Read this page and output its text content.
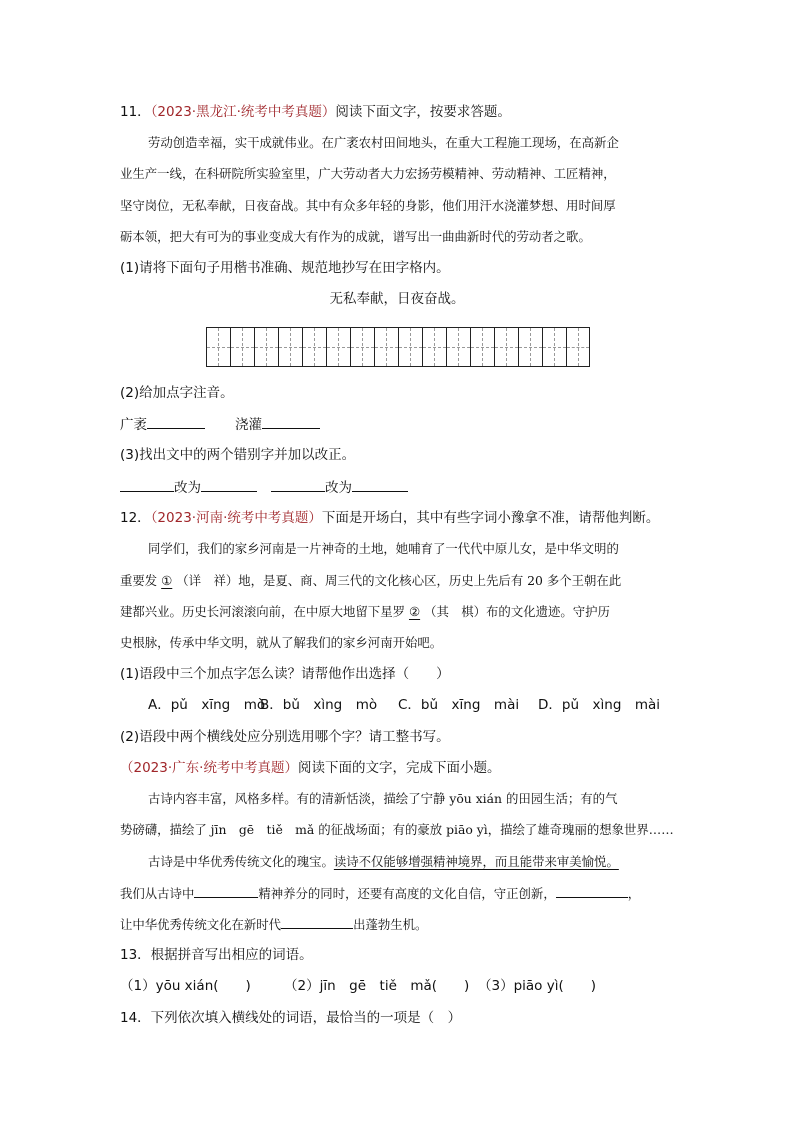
11．（2023·黑龙江·统考中考真题）阅读下面文字，按要求答题。
劳动创造幸福，实干成就伟业。在广袤农村田间地头，在重大工程施工现场，在高新企
业生产一线，在科研院所实验室里，广大劳动者大力宏扬劳模精神、劳动精神、工匠精神，
坚守岗位，无私奉献，日夜奋战。其中有众多年轻的身影，他们用汗水浇灌梦想、用时间厚
砺本领，把大有可为的事业变成大有作为的成就，谱写出一曲曲新时代的劳动者之歌。
(1)请将下面句子用楷书准确、规范地抄写在田字格内。
无私奉献，日夜奋战。
(2)给加点字注音。
广袤	浇灌
(3)找出文中的两个错别字并加以改正。
改为	改为
12．（2023·河南·统考中考真题）下面是开场白，其中有些字词小豫拿不准，请帮他判断。
同学们，我们的家乡河南是一片神奇的土地，她哺育了一代代中原儿女，是中华文明的
重要发 ① （详　祥）地，是夏、商、周三代的文化核心区，历史上先后有 20 多个王朝在此
建都兴业。历史长河滚滚向前，在中原大地留下星罗 ② （其　棋）布的文化遗迹。守护历
史根脉，传承中华文明，就从了解我们的家乡河南开始吧。
(1)语段中三个加点字怎么读？请帮他作出选择（　　）
A．pǔ　xīng　mòB．bǔ　xìng　mò C．bǔ　xīng　mài D．pǔ　xìng　mài
(2)语段中两个横线处应分别选用哪个字？请工整书写。
（2023·广东·统考中考真题）阅读下面的文字，完成下面小题。
古诗内容丰富，风格多样。有的清新恬淡，描绘了宁静 yōu xián 的田园生活；有的气
势磅礴，描绘了 jīn　gē　tiě　mǎ 的征战场面；有的豪放 piāo yì，描绘了雄奇瑰丽的想象世界……
古诗是中华优秀传统文化的瑰宝。读诗不仅能够增强精神境界，而且能带来审美愉悦。
我们从古诗中	精神养分的同时，还要有高度的文化自信，守正创新，	，
让中华优秀传统文化在新时代	出蓬勃生机。
13．根据拼音写出相应的词语。
（1）yōu xián(　　) （2）jīn　gē　tiě　mǎ(　　) （3）piāo yì(　　)
14．下列依次填入横线处的词语，最恰当的一项是（　）
